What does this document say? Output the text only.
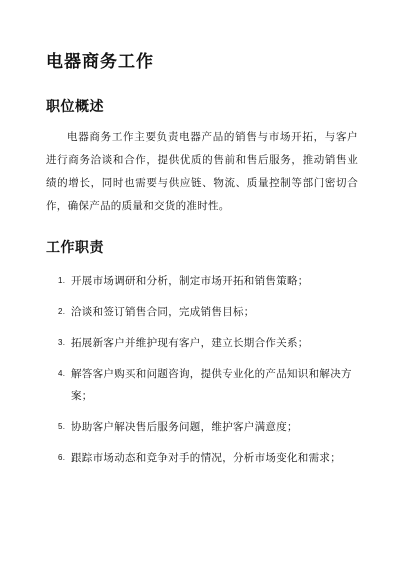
电器商务工作
职位概述

电器商务工作主要负责电器产品的销售与市场开拓，与客户进行商务洽谈和合作，提供优质的售前和售后服务，推动销售业绩的增长，同时也需要与供应链、物流、质量控制等部门密切合作，确保产品的质量和交货的准时性。

工作职责
1. 开展市场调研和分析，制定市场开拓和销售策略；
2. 洽谈和签订销售合同，完成销售目标；
3. 拓展新客户并维护现有客户，建立长期合作关系；
4. 解答客户购买和问题咨询，提供专业化的产品知识和解决方案；
5. 协助客户解决售后服务问题，维护客户满意度；
6. 跟踪市场动态和竞争对手的情况，分析市场变化和需求；
